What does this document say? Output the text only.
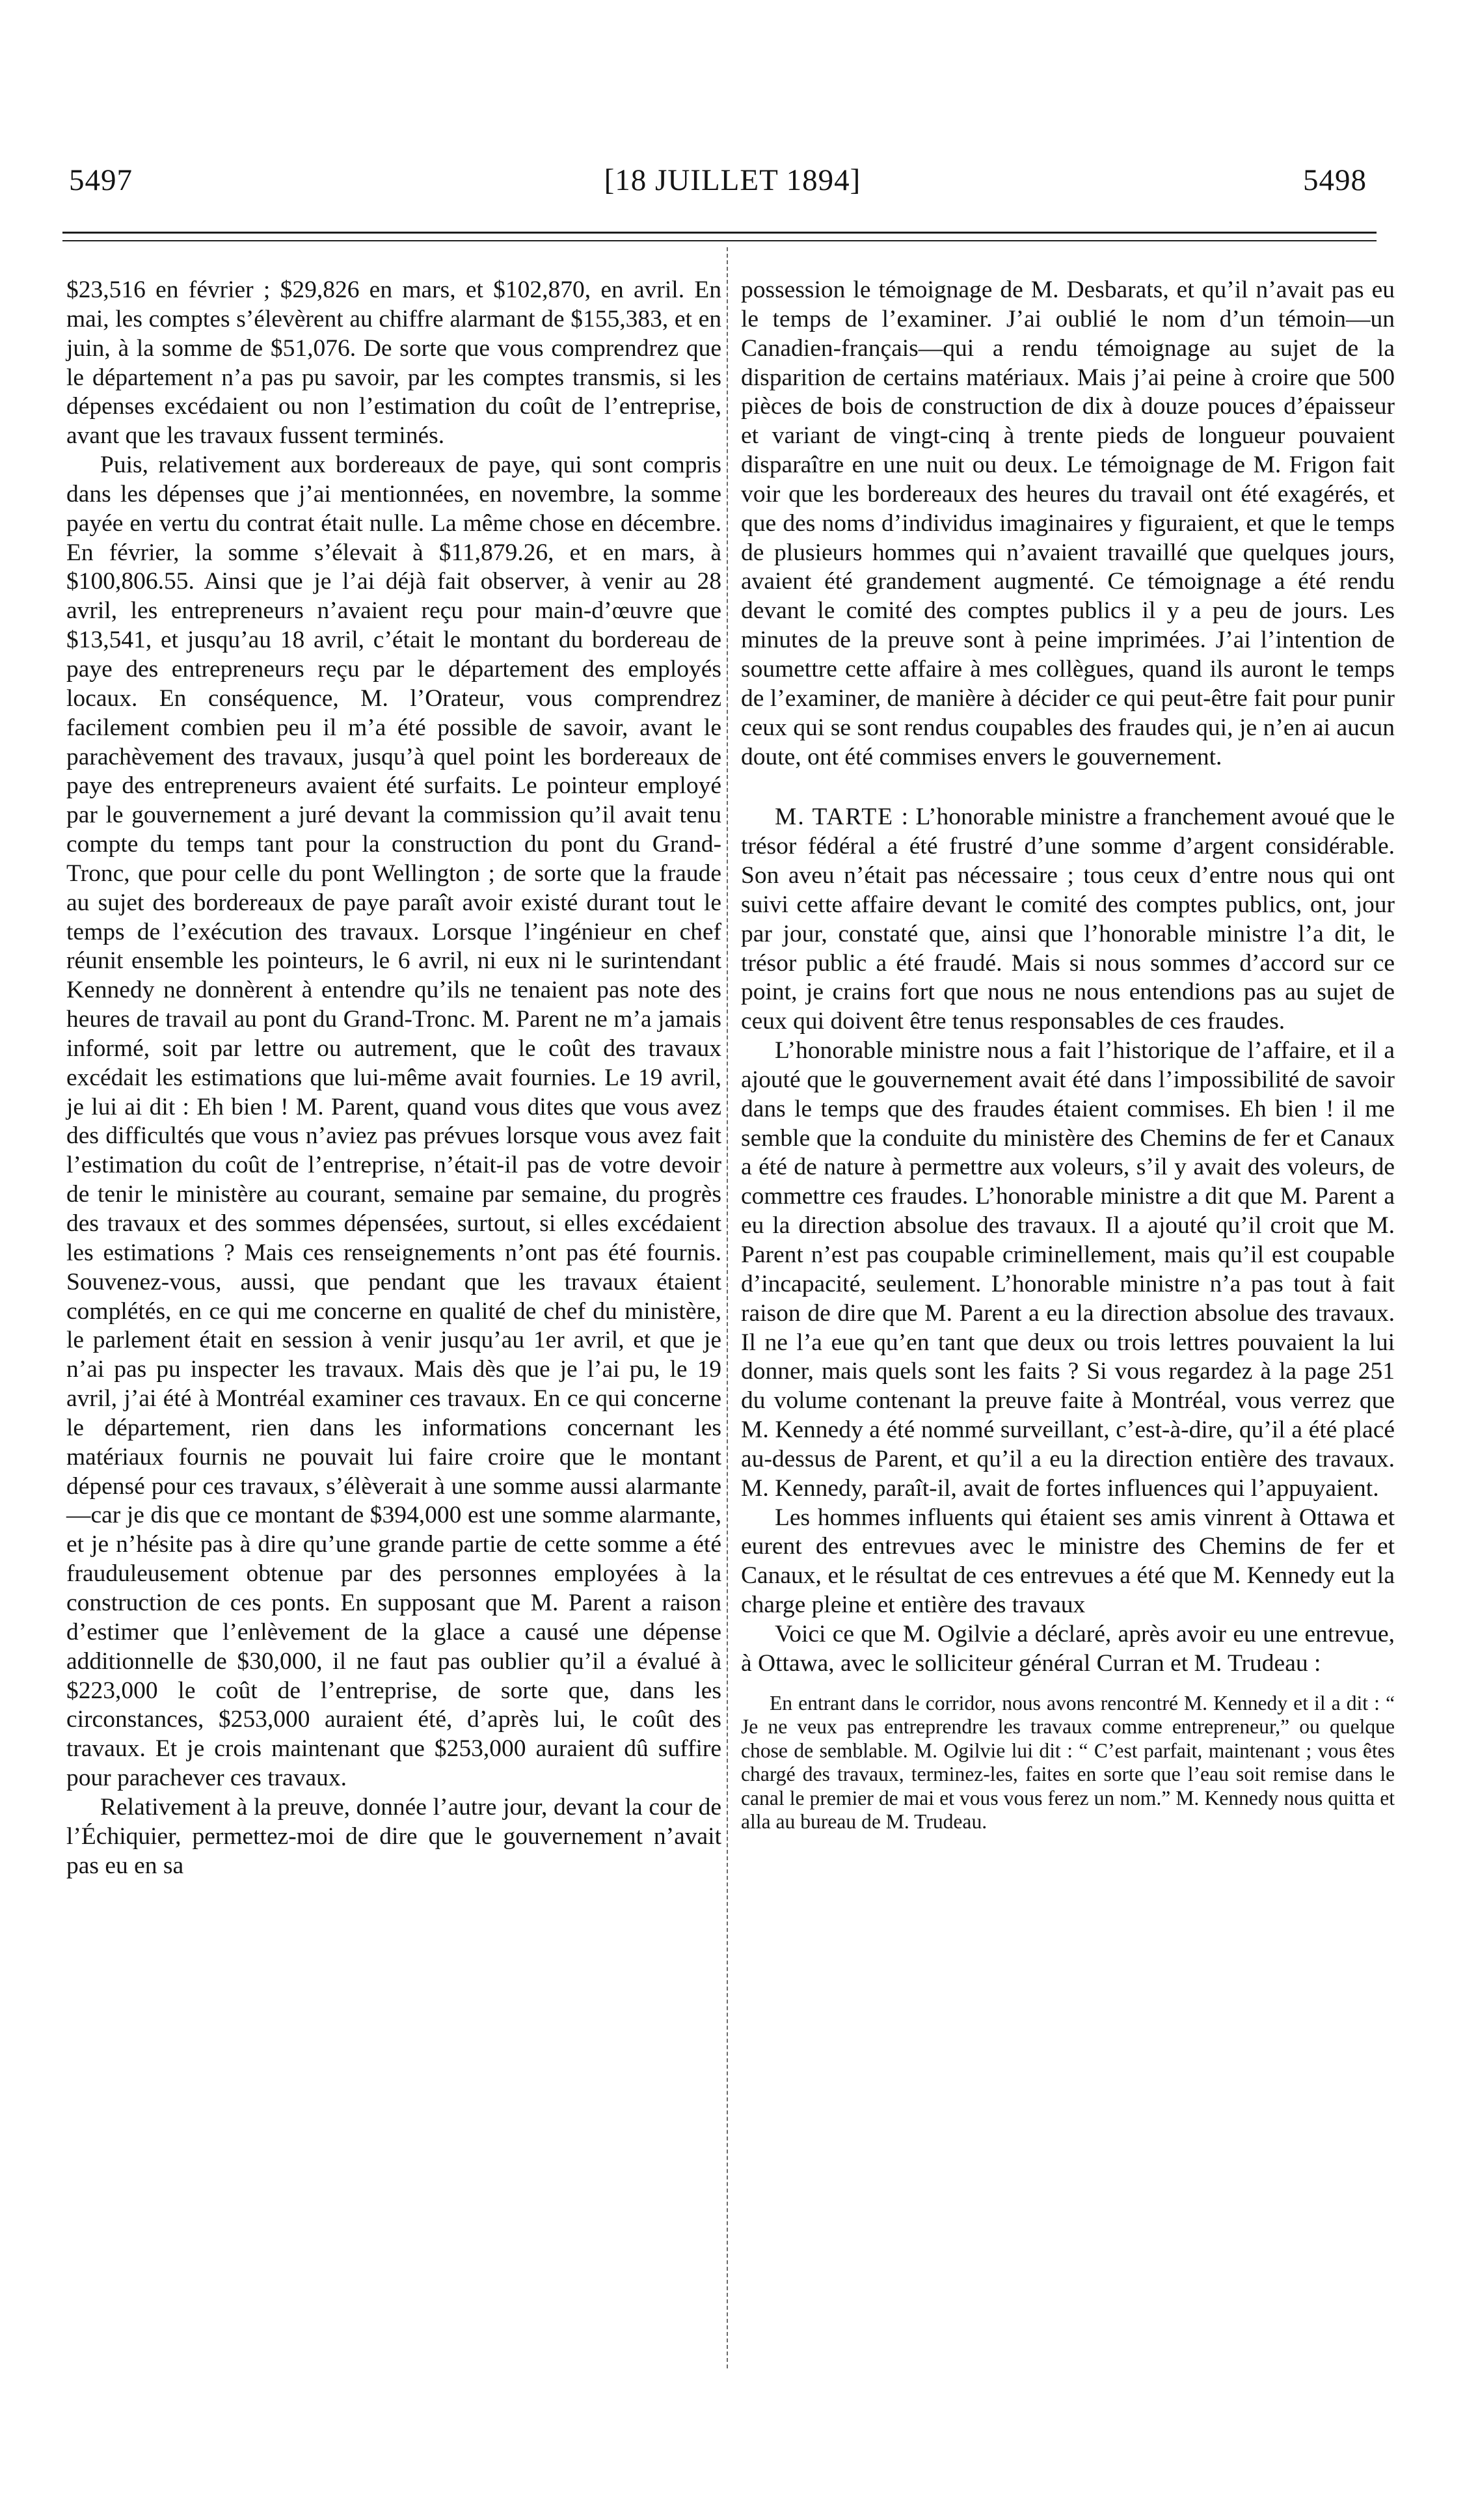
5497	[18 JUILLET 1894]	5498

$23,516 en février ; $29,826 en mars, et $102,870, en avril. En mai, les comptes s’élevèrent au chiffre alarmant de $155,383, et en juin, à la somme de $51,076. De sorte que vous comprendrez que le département n’a pas pu savoir, par les comptes transmis, si les dépenses excédaient ou non l’estimation du coût de l’entreprise, avant que les travaux fussent terminés.

Puis, relativement aux bordereaux de paye, qui sont compris dans les dépenses que j’ai mentionnées, en novembre, la somme payée en vertu du contrat était nulle. La même chose en décembre. En février, la somme s’élevait à $11,879.26, et en mars, à $100,806.55. Ainsi que je l’ai déjà fait observer, à venir au 28 avril, les entrepreneurs n’avaient reçu pour main-d’œuvre que $13,541, et jusqu’au 18 avril, c’était le montant du bordereau de paye des entrepreneurs reçu par le département des employés locaux. En conséquence, M. l’Orateur, vous comprendrez facilement combien peu il m’a été possible de savoir, avant le parachèvement des travaux, jusqu’à quel point les bordereaux de paye des entrepreneurs avaient été surfaits. Le pointeur employé par le gouvernement a juré devant la commission qu’il avait tenu compte du temps tant pour la construction du pont du Grand-Tronc, que pour celle du pont Wellington ; de sorte que la fraude au sujet des bordereaux de paye paraît avoir existé durant tout le temps de l’exécution des travaux. Lorsque l’ingénieur en chef réunit ensemble les pointeurs, le 6 avril, ni eux ni le surintendant Kennedy ne donnèrent à entendre qu’ils ne tenaient pas note des heures de travail au pont du Grand-Tronc. M. Parent ne m’a jamais informé, soit par lettre ou autrement, que le coût des travaux excédait les estimations que lui-même avait fournies. Le 19 avril, je lui ai dit : Eh bien ! M. Parent, quand vous dites que vous avez des difficultés que vous n’aviez pas prévues lorsque vous avez fait l’estimation du coût de l’entreprise, n’était-il pas de votre devoir de tenir le ministère au courant, semaine par semaine, du progrès des travaux et des sommes dépensées, surtout, si elles excédaient les estimations ? Mais ces renseignements n’ont pas été fournis. Souvenez-vous, aussi, que pendant que les travaux étaient complétés, en ce qui me concerne en qualité de chef du ministère, le parlement était en session à venir jusqu’au 1er avril, et que je n’ai pas pu inspecter les travaux. Mais dès que je l’ai pu, le 19 avril, j’ai été à Montréal examiner ces travaux. En ce qui concerne le département, rien dans les informations concernant les matériaux fournis ne pouvait lui faire croire que le montant dépensé pour ces travaux, s’élèverait à une somme aussi alarmante—car je dis que ce montant de $394,000 est une somme alarmante, et je n’hésite pas à dire qu’une grande partie de cette somme a été frauduleusement obtenue par des personnes employées à la construction de ces ponts. En supposant que M. Parent a raison d’estimer que l’enlèvement de la glace a causé une dépense additionnelle de $30,000, il ne faut pas oublier qu’il a évalué à $223,000 le coût de l’entreprise, de sorte que, dans les circonstances, $253,000 auraient été, d’après lui, le coût des travaux. Et je crois maintenant que $253,000 auraient dû suffire pour parachever ces travaux.

Relativement à la preuve, donnée l’autre jour, devant la cour de l’Échiquier, permettez-moi de dire que le gouvernement n’avait pas eu en sa

possession le témoignage de M. Desbarats, et qu’il n’avait pas eu le temps de l’examiner. J’ai oublié le nom d’un témoin—un Canadien-français—qui a rendu témoignage au sujet de la disparition de certains matériaux. Mais j’ai peine à croire que 500 pièces de bois de construction de dix à douze pouces d’épaisseur et variant de vingt-cinq à trente pieds de longueur pouvaient disparaître en une nuit ou deux. Le témoignage de M. Frigon fait voir que les bordereaux des heures du travail ont été exagérés, et que des noms d’individus imaginaires y figuraient, et que le temps de plusieurs hommes qui n’avaient travaillé que quelques jours, avaient été grandement augmenté. Ce témoignage a été rendu devant le comité des comptes publics il y a peu de jours. Les minutes de la preuve sont à peine imprimées. J’ai l’intention de soumettre cette affaire à mes collègues, quand ils auront le temps de l’examiner, de manière à décider ce qui peut-être fait pour punir ceux qui se sont rendus coupables des fraudes qui, je n’en ai aucun doute, ont été commises envers le gouvernement.

M. TARTE : L’honorable ministre a franchement avoué que le trésor fédéral a été frustré d’une somme d’argent considérable. Son aveu n’était pas nécessaire ; tous ceux d’entre nous qui ont suivi cette affaire devant le comité des comptes publics, ont, jour par jour, constaté que, ainsi que l’honorable ministre l’a dit, le trésor public a été fraudé. Mais si nous sommes d’accord sur ce point, je crains fort que nous ne nous entendions pas au sujet de ceux qui doivent être tenus responsables de ces fraudes.

L’honorable ministre nous a fait l’historique de l’affaire, et il a ajouté que le gouvernement avait été dans l’impossibilité de savoir dans le temps que des fraudes étaient commises. Eh bien ! il me semble que la conduite du ministère des Chemins de fer et Canaux a été de nature à permettre aux voleurs, s’il y avait des voleurs, de commettre ces fraudes. L’honorable ministre a dit que M. Parent a eu la direction absolue des travaux. Il a ajouté qu’il croit que M. Parent n’est pas coupable criminellement, mais qu’il est coupable d’incapacité, seulement. L’honorable ministre n’a pas tout à fait raison de dire que M. Parent a eu la direction absolue des travaux. Il ne l’a eue qu’en tant que deux ou trois lettres pouvaient la lui donner, mais quels sont les faits ? Si vous regardez à la page 251 du volume contenant la preuve faite à Montréal, vous verrez que M. Kennedy a été nommé surveillant, c’est-à-dire, qu’il a été placé au-dessus de Parent, et qu’il a eu la direction entière des travaux. M. Kennedy, paraît-il, avait de fortes influences qui l’appuyaient.

Les hommes influents qui étaient ses amis vinrent à Ottawa et eurent des entrevues avec le ministre des Chemins de fer et Canaux, et le résultat de ces entrevues a été que M. Kennedy eut la charge pleine et entière des travaux

Voici ce que M. Ogilvie a déclaré, après avoir eu une entrevue, à Ottawa, avec le solliciteur général Curran et M. Trudeau :

En entrant dans le corridor, nous avons rencontré M. Kennedy et il a dit : “ Je ne veux pas entreprendre les travaux comme entrepreneur,” ou quelque chose de semblable. M. Ogilvie lui dit : “ C’est parfait, maintenant ; vous êtes chargé des travaux, terminez-les, faites en sorte que l’eau soit remise dans le canal le premier de mai et vous vous ferez un nom.” M. Kennedy nous quitta et alla au bureau de M. Trudeau.
